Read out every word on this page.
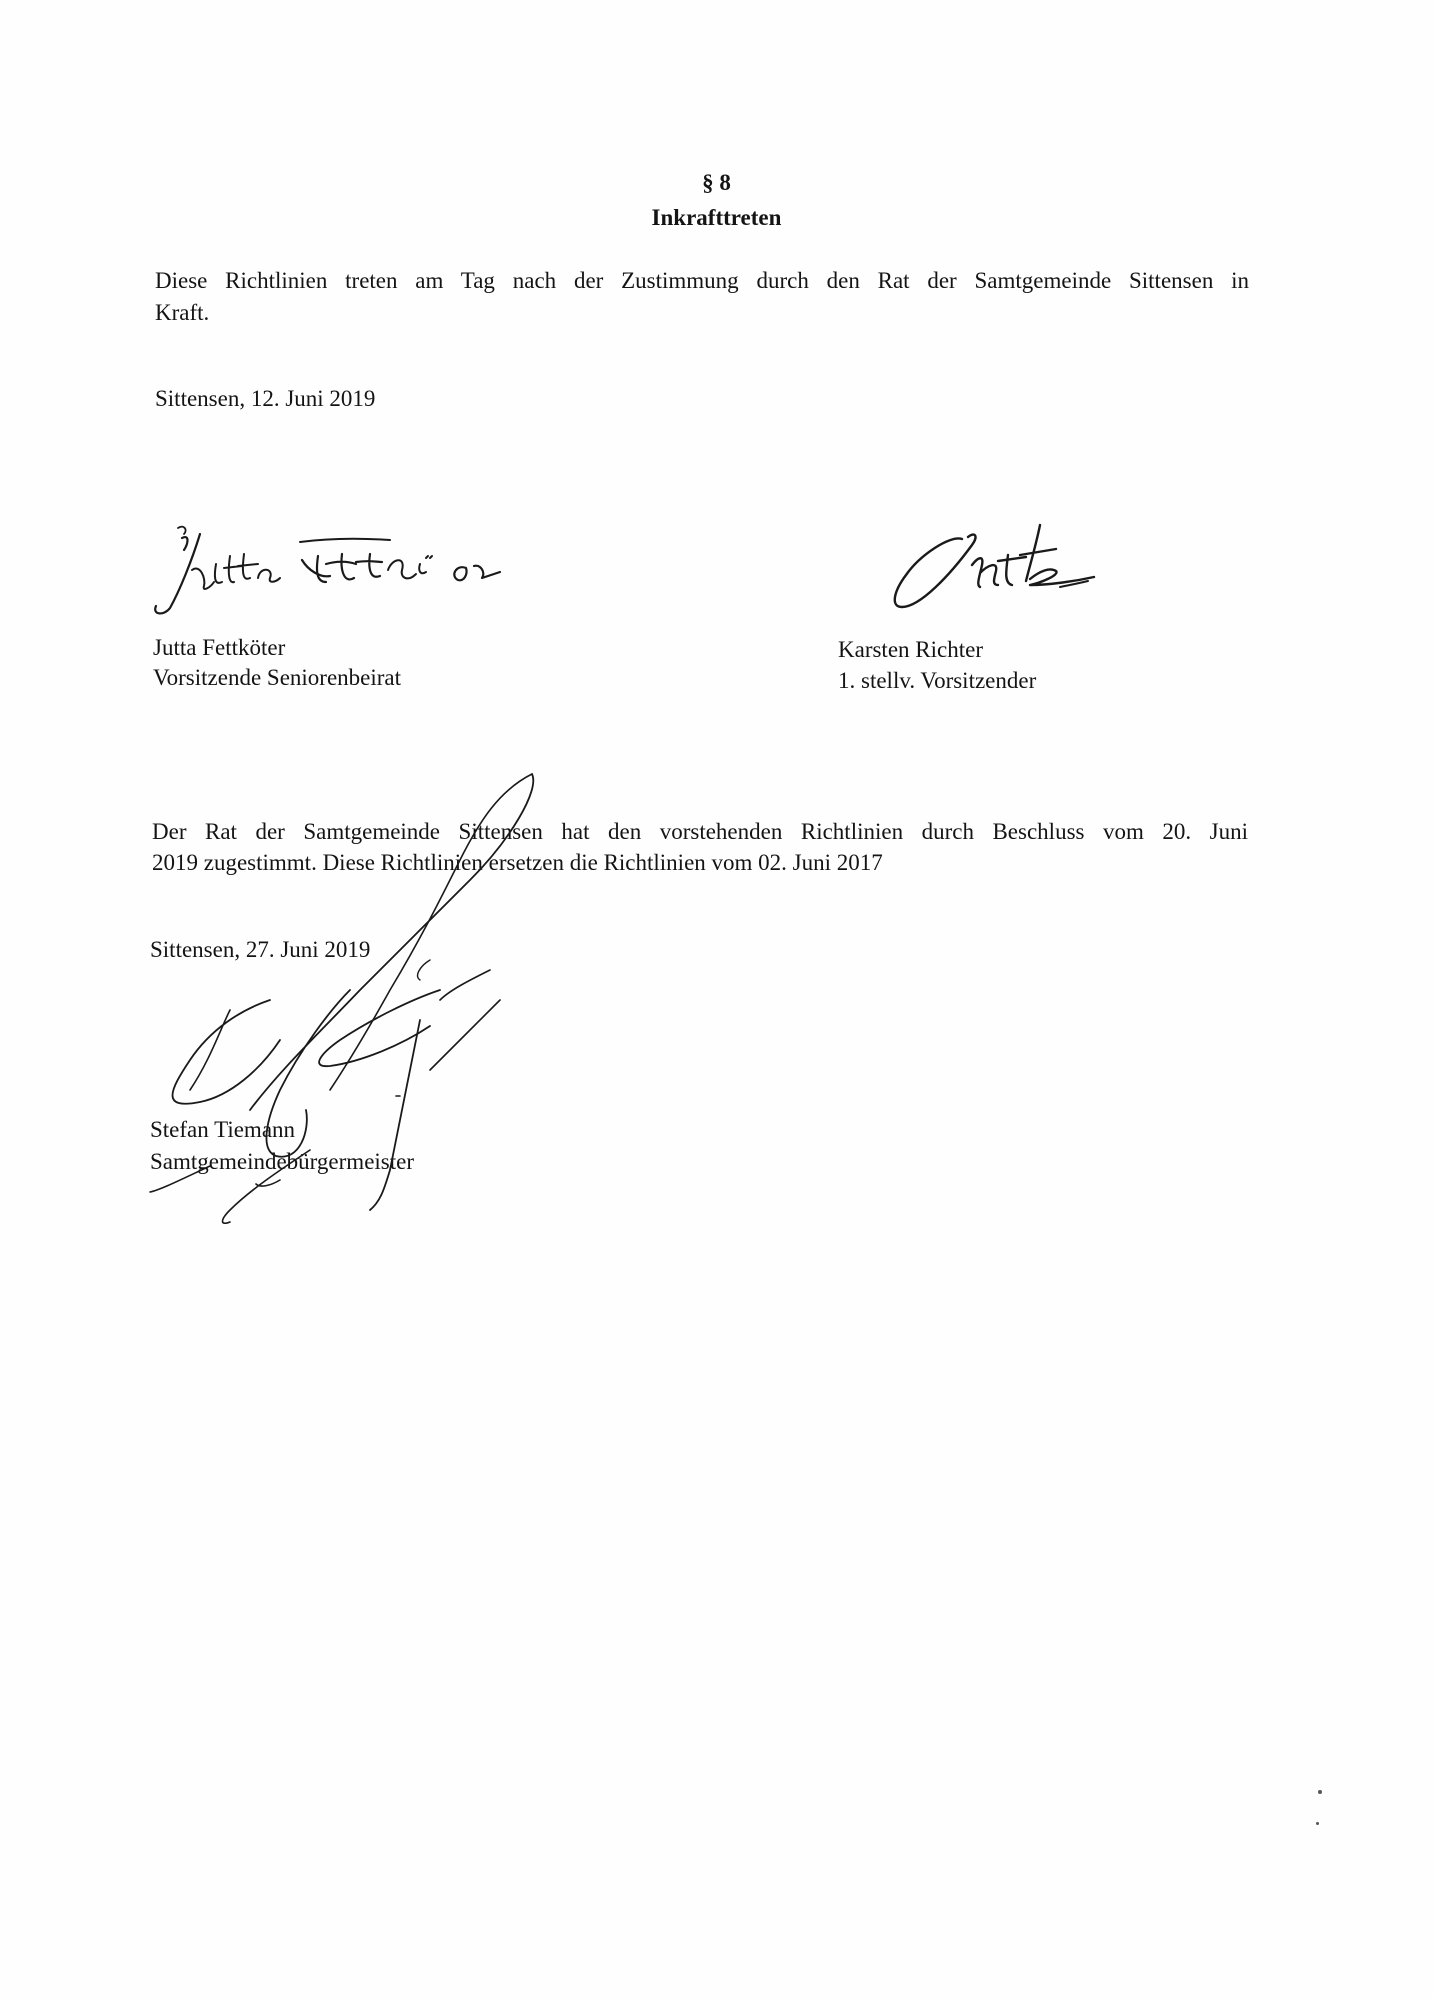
§ 8
Inkrafttreten
Diese Richtlinien treten am Tag nach der Zustimmung durch den Rat der Samtgemeinde Sittensen in
Kraft.
Sittensen, 12. Juni 2019
Jutta Fettköter
Vorsitzende Seniorenbeirat
Karsten Richter
1. stellv. Vorsitzender
Der Rat der Samtgemeinde Sittensen hat den vorstehenden Richtlinien durch Beschluss vom 20. Juni
2019 zugestimmt. Diese Richtlinien ersetzen die Richtlinien vom 02. Juni 2017
Sittensen, 27. Juni 2019
Stefan Tiemann
Samtgemeindebürgermeister
